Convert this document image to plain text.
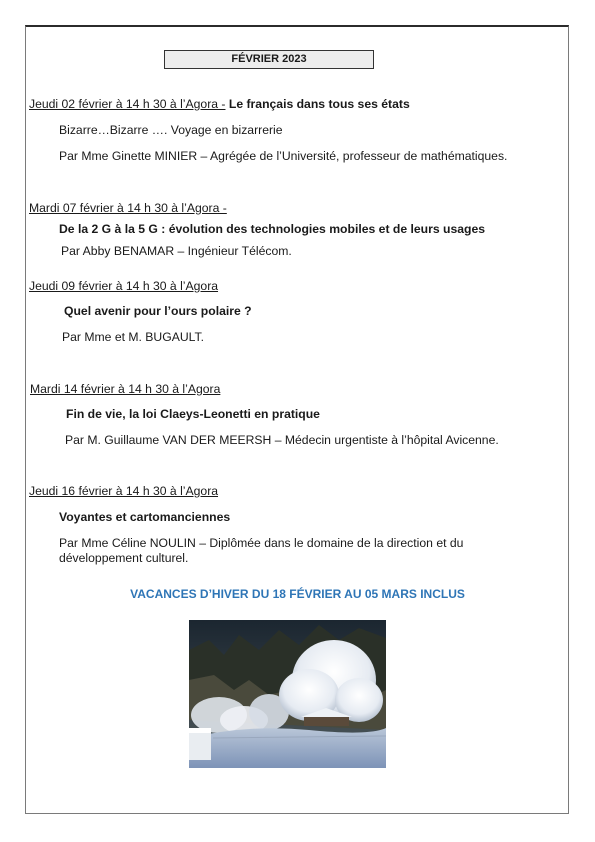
FÉVRIER 2023
Jeudi 02 février à 14 h 30 à l’Agora - Le français dans tous ses états
Bizarre…Bizarre …. Voyage en bizarrerie
Par Mme Ginette MINIER – Agrégée de l’Université, professeur de mathématiques.
Mardi 07 février à 14 h 30 à l’Agora -
De la 2 G à la 5 G : évolution des technologies mobiles et de leurs usages
Par Abby BENAMAR – Ingénieur Télécom.
Jeudi 09 février à 14 h 30 à l’Agora
Quel avenir pour l’ours polaire ?
Par Mme et M. BUGAULT.
Mardi 14 février à 14 h 30 à l’Agora
Fin de vie, la loi Claeys-Leonetti en pratique
Par M. Guillaume VAN DER MEERSH – Médecin urgentiste à l’hôpital Avicenne.
Jeudi 16 février à 14 h 30 à l’Agora
Voyantes et cartomanciennes
Par Mme Céline NOULIN – Diplômée dans le domaine de la direction et du développement culturel.
VACANCES D’HIVER DU 18 FÉVRIER AU 05 MARS INCLUS
